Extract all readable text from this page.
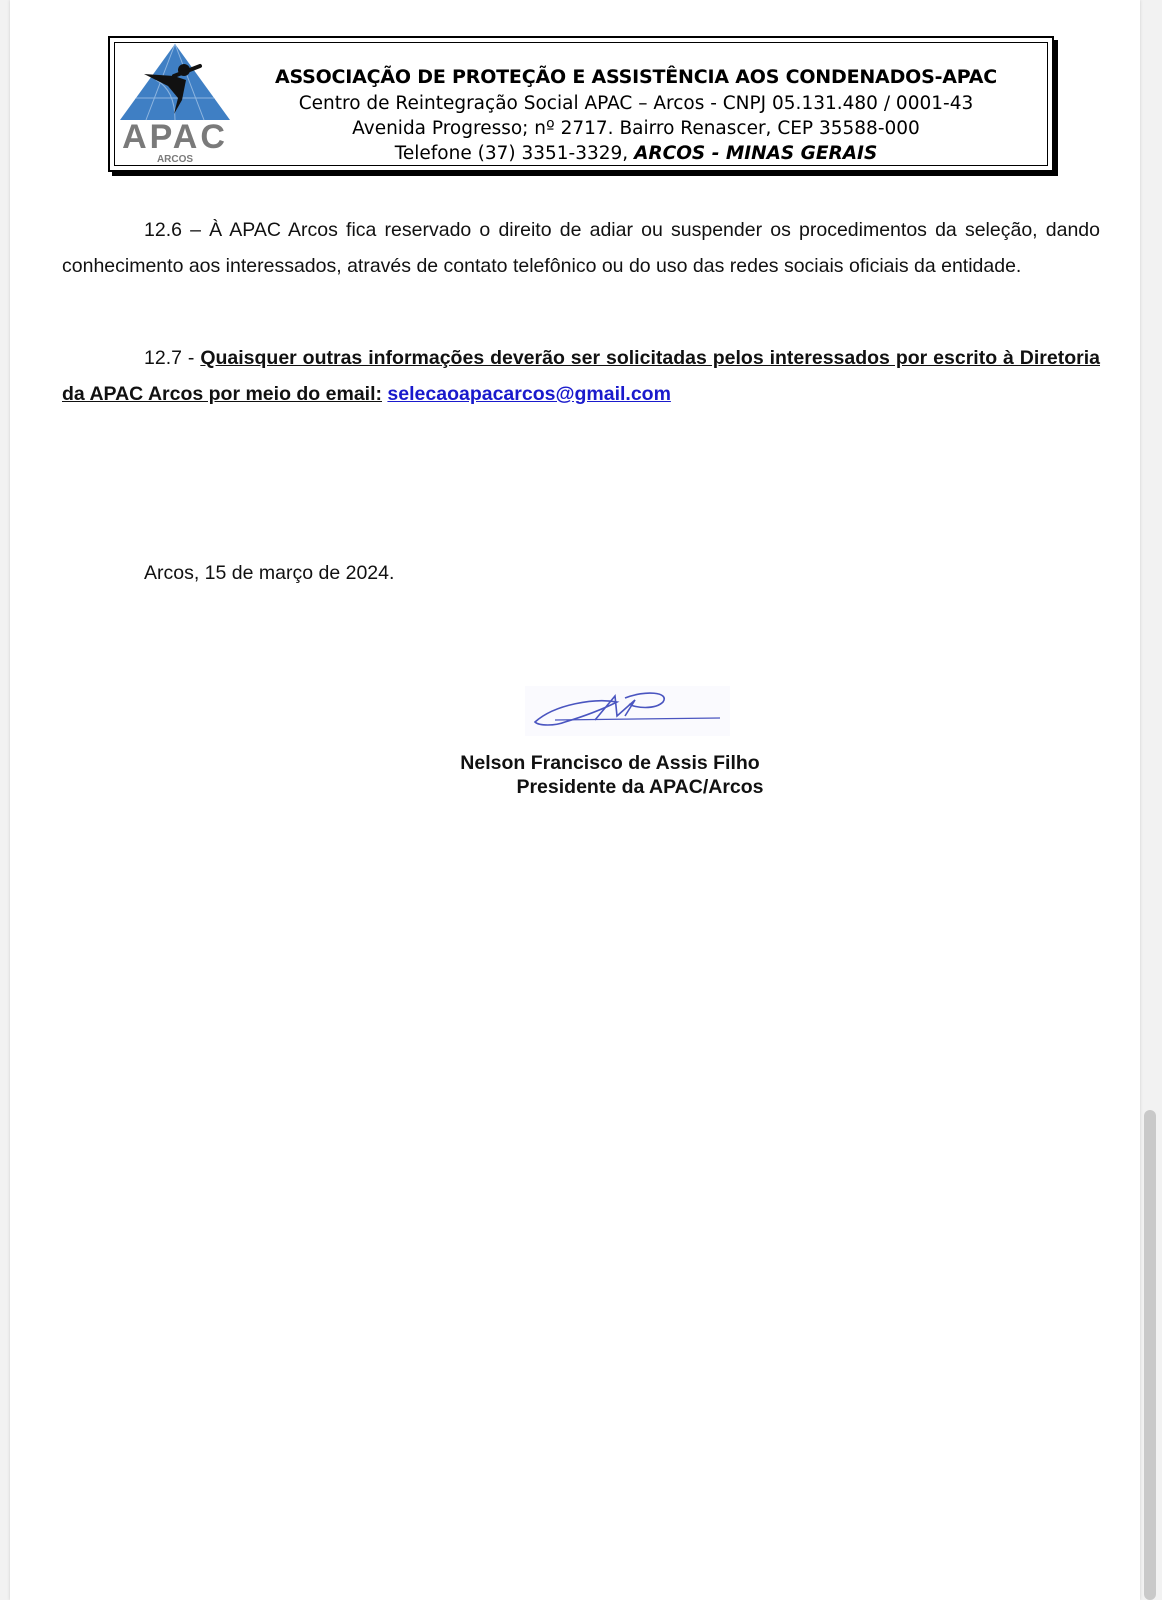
APAC
ARCOS
ASSOCIAÇÃO DE PROTEÇÃO E ASSISTÊNCIA AOS CONDENADOS-APAC
Centro de Reintegração Social APAC – Arcos - CNPJ 05.131.480 / 0001-43
Avenida Progresso; nº 2717. Bairro Renascer, CEP 35588-000
Telefone (37) 3351-3329, ARCOS - MINAS GERAIS
12.6 – À APAC Arcos fica reservado o direito de adiar ou suspender os procedimentos da seleção, dando conhecimento aos interessados, através de contato telefônico ou do uso das redes sociais oficiais da entidade.
12.7 - Quaisquer outras informações deverão ser solicitadas pelos interessados por escrito à Diretoria da APAC Arcos por meio do email: selecaoapacarcos@gmail.com
Arcos, 15 de março de 2024.
Nelson Francisco de Assis Filho
Presidente da APAC/Arcos
